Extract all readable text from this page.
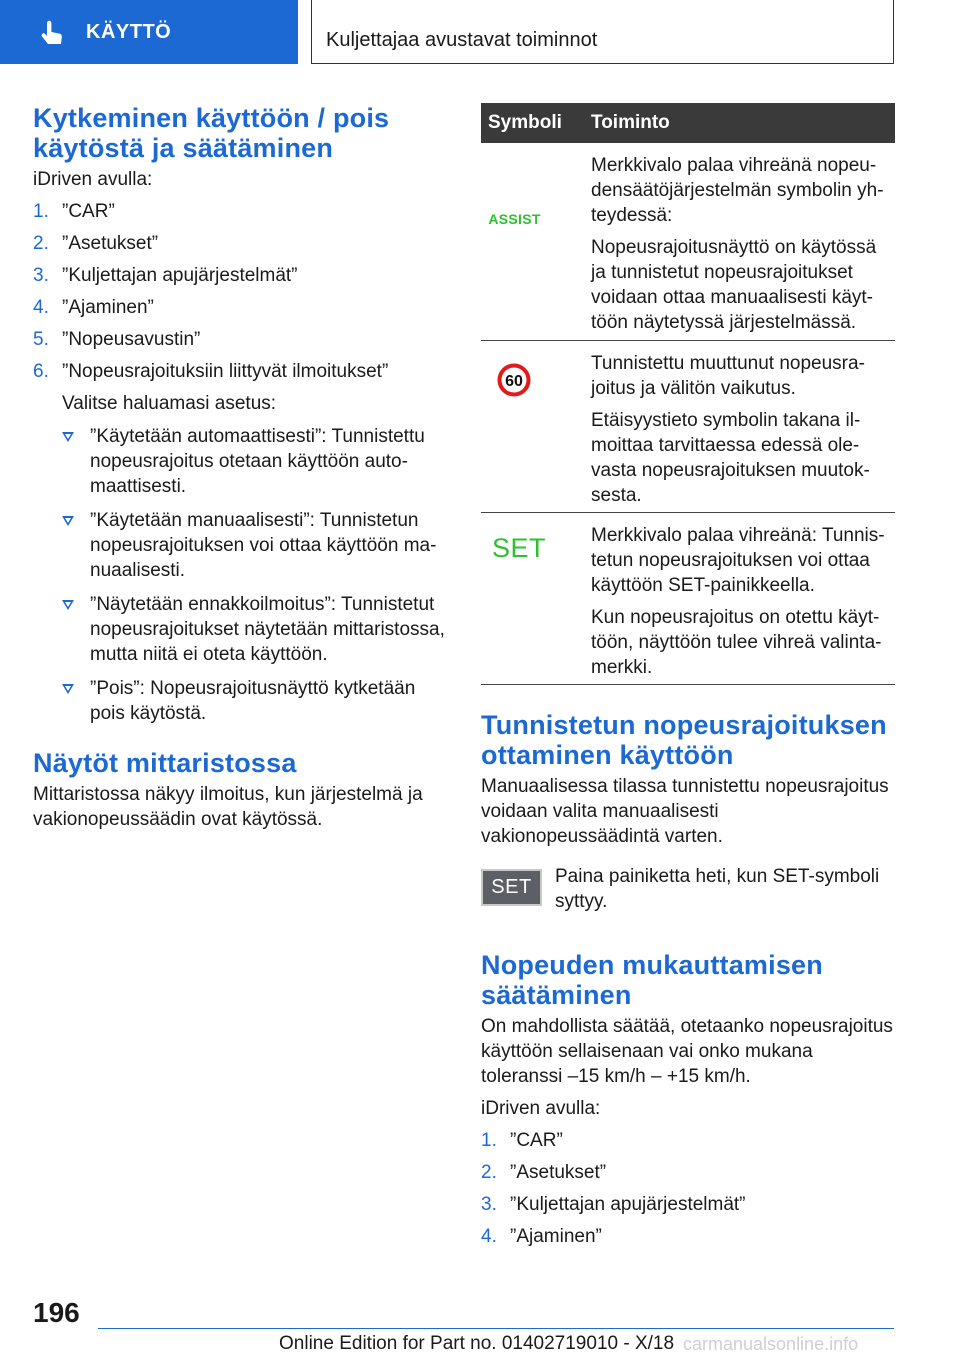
KÄYTTÖ	Kuljettajaa avustavat toiminnot
Kytkeminen käyttöön / pois käytöstä ja säätäminen

iDriven avulla:

1. ”CAR”
2. ”Asetukset”
3. ”Kuljettajan apujärjestelmät”
4. ”Ajaminen”
5. ”Nopeusavustin”
6. ”Nopeusrajoituksiin liittyvät ilmoitukset”
Valitse haluamasi asetus:
”Käytetään automaattisesti”: Tunnistettu nopeusrajoitus otetaan käyttöön automaattisesti.
”Käytetään manuaalisesti”: Tunnistetun nopeusrajoituksen voi ottaa käyttöön manuaalisesti.
”Näytetään ennakkoilmoitus”: Tunnistetut nopeusrajoitukset näytetään mittaristossa, mutta niitä ei oteta käyttöön.
”Pois”: Nopeusrajoitusnäyttö kytketään pois käytöstä.
Näytöt mittaristossa

Mittaristossa näkyy ilmoitus, kun järjestelmä ja vakionopeussäädin ovat käytössä.

Symboli Toiminto
ASSIST

Merkkivalo palaa vihreänä nopeudensäätöjärjestelmän symbolin yhteydessä:

Nopeusrajoitusnäyttö on käytössä ja tunnistetut nopeusrajoitukset voidaan ottaa manuaalisesti käyttöön näytetyssä järjestelmässä.

60

Tunnistettu muuttunut nopeusrajoitus ja välitön vaikutus.

Etäisyystieto symbolin takana ilmoittaa tarvittaessa edessä olevasta nopeusrajoituksen muutoksesta.

SET Merkkivalo palaa vihreänä: Tunnistetun nopeusrajoituksen voi ottaa käyttöön SET-painikkeella.

Kun nopeusrajoitus on otettu käyttöön, näyttöön tulee vihreä valintamerkki.

Tunnistetun nopeusrajoituksen ottaminen käyttöön

Manuaalisessa tilassa tunnistettu nopeusrajoitus voidaan valita manuaalisesti vakionopeussäädintä varten.

SET	Paina painiketta heti, kun SET-symboli syttyy.

Nopeuden mukauttamisen säätäminen

On mahdollista säätää, otetaanko nopeusrajoitus käyttöön sellaisenaan vai onko mukana toleranssi –15 km/h – +15 km/h.

iDriven avulla:

1. ”CAR”
2. ”Asetukset”
3. ”Kuljettajan apujärjestelmät”
4. ”Ajaminen”
196
Online Edition for Part no. 01402719010 - X/18 carmanualsonline.info
